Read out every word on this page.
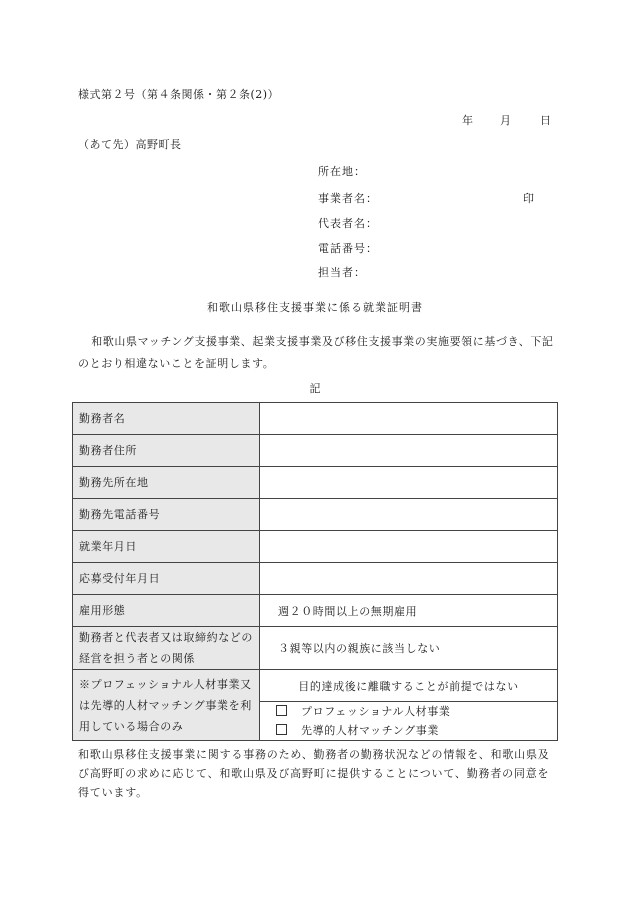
様式第２号（第４条関係・第２条(2)）
年 月	日
（あて先）高野町長
所在地：
事業者名：	印
代表者名：
電話番号：
担当者：
和歌山県移住支援事業に係る就業証明書

和歌山県マッチング支援事業、起業支援事業及び移住支援事業の実施要領に基づき、下記のとおり相違ないことを証明します。

記
勤務者名	
勤務者住所	
勤務先所在地	
勤務先電話番号	
就業年月日	
応募受付年月日	
雇用形態	週２０時間以上の無期雇用
勤務者と代表者又は取締約などの経営を担う者との関係	３親等以内の親族に該当しない
※プロフェッショナル人材事業又は先導的人材マッチング事業を利用している場合のみ	目的達成後に離職することが前提ではない

	プロフェッショナル人材事業
先導的人材マッチング事業
和歌山県移住支援事業に関する事務のため、勤務者の勤務状況などの情報を、和歌山県及び高野町の求めに応じて、和歌山県及び高野町に提供することについて、勤務者の同意を得ています。
